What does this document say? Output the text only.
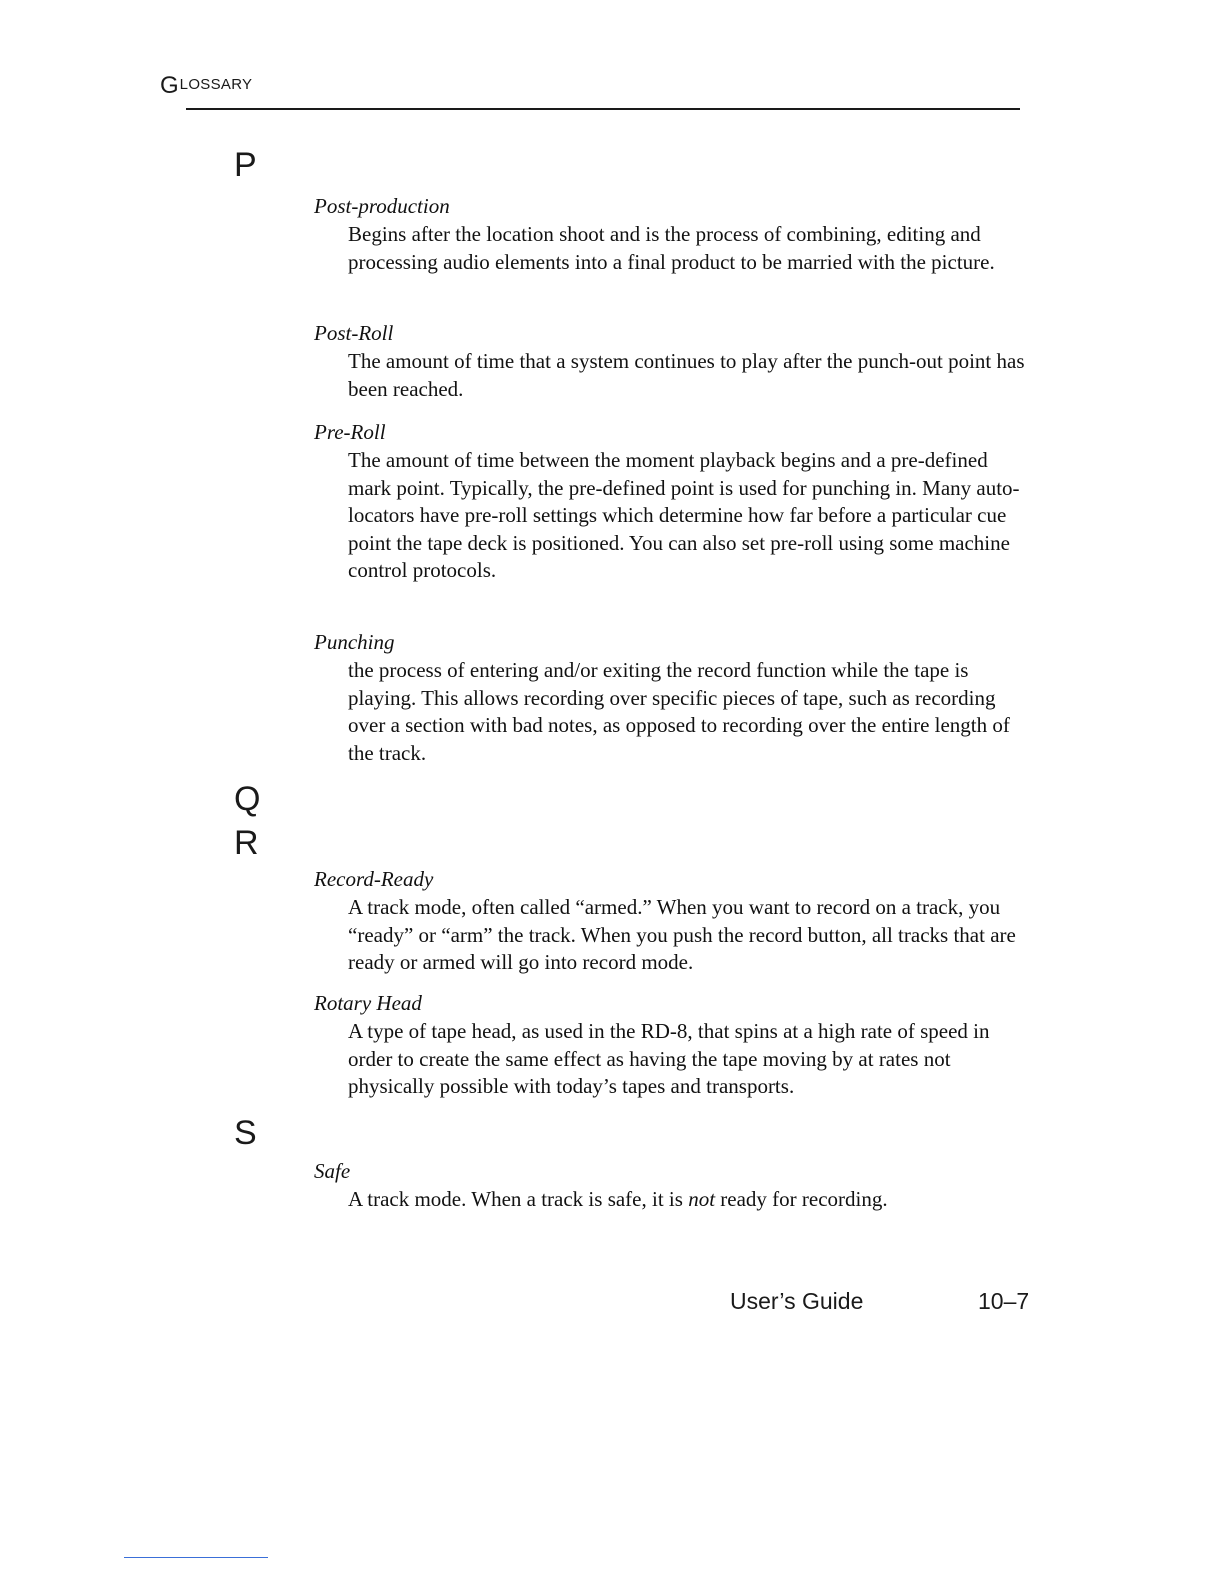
GLOSSARY
P
Post-production
Begins after the location shoot and is the process of combining, editing and processing audio elements into a final product to be married with the picture.
Post-Roll
The amount of time that a system continues to play after the punch-out point has been reached.
Pre-Roll
The amount of time between the moment playback begins and a pre-defined mark point. Typically, the pre-defined point is used for punching in. Many auto-locators have pre-roll settings which determine how far before a particular cue point the tape deck is positioned. You can also set pre-roll using some machine control protocols.
Punching
the process of entering and/or exiting the record function while the tape is playing. This allows recording over specific pieces of tape, such as recording over a section with bad notes, as opposed to recording over the entire length of the track.
Q
R
Record-Ready
A track mode, often called “armed.” When you want to record on a track, you “ready” or “arm” the track. When you push the record button, all tracks that are ready or armed will go into record mode.
Rotary Head
A type of tape head, as used in the RD-8, that spins at a high rate of speed in order to create the same effect as having the tape moving by at rates not physically possible with today’s tapes and transports.
S
Safe
A track mode. When a track is safe, it is not ready for recording.
User’s Guide	10–7
